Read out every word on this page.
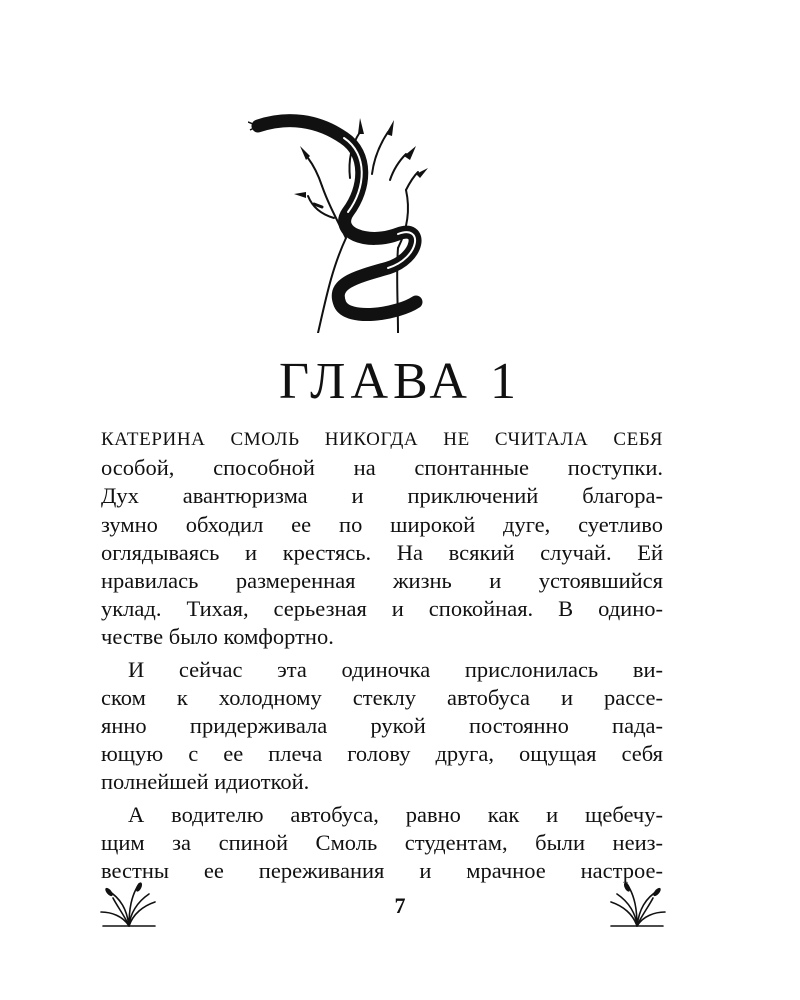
ГЛАВА 1

КАТЕРИНА СМОЛЬ НИКОГДА НЕ СЧИТАЛА СЕБЯ
особой, способной на спонтанные поступки.
Дух авантюризма и приключений благора-
зумно обходил ее по широкой дуге, суетливо
оглядываясь и крестясь. На всякий случай. Ей
нравилась размеренная жизнь и устоявшийся
уклад. Тихая, серьезная и спокойная. В одино-
честве было комфортно.

И сейчас эта одиночка прислонилась ви-
ском к холодному стеклу автобуса и рассе-
янно придерживала рукой постоянно пада-
ющую с ее плеча голову друга, ощущая себя
полнейшей идиоткой.

А водителю автобуса, равно как и щебечу-
щим за спиной Смоль студентам, были неиз-
вестны ее переживания и мрачное настрое-

7
